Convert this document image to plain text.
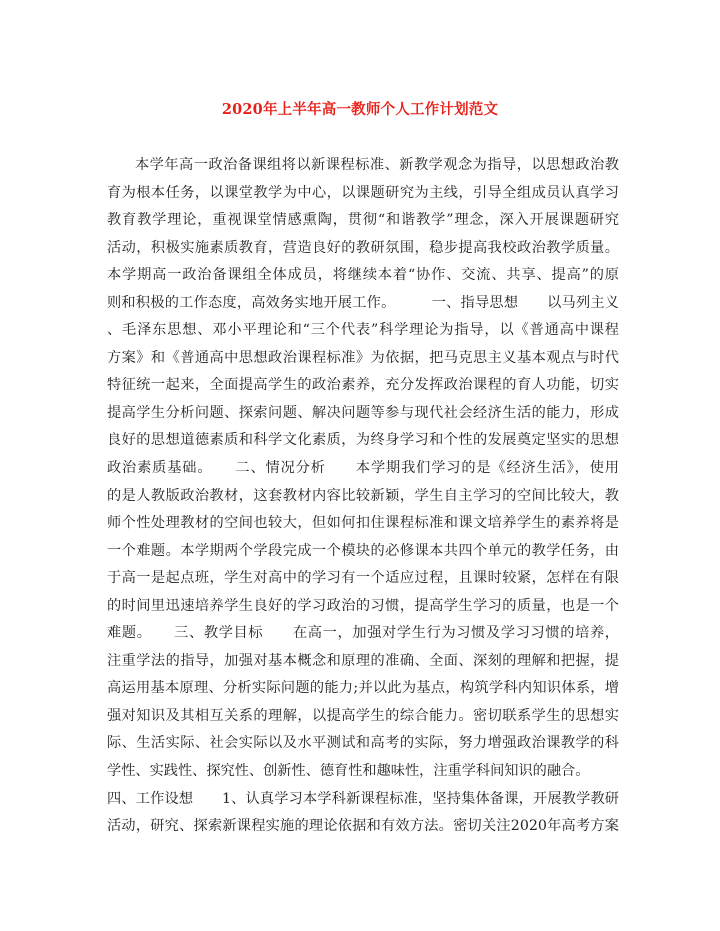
2020年上半年高一教师个人工作计划范文
本学年高一政治备课组将以新课程标准、新教学观念为指导，以思想政治教
育为根本任务，以课堂教学为中心，以课题研究为主线，引导全组成员认真学习
教育教学理论，重视课堂情感熏陶，贯彻“和谐教学”理念，深入开展课题研究
活动，积极实施素质教育，营造良好的教研氛围，稳步提高我校政治教学质量。
本学期高一政治备课组全体成员，将继续本着“协作、交流、共享、提高”的原
则和积极的工作态度，高效务实地开展工作。　　　一、指导思想　　以马列主义
、毛泽东思想、邓小平理论和“三个代表”科学理论为指导，以《普通高中课程
方案》和《普通高中思想政治课程标准》为依据，把马克思主义基本观点与时代
特征统一起来，全面提高学生的政治素养，充分发挥政治课程的育人功能，切实
提高学生分析问题、探索问题、解决问题等参与现代社会经济生活的能力，形成
良好的思想道德素质和科学文化素质，为终身学习和个性的发展奠定坚实的思想
政治素质基础。　　二、情况分析　　本学期我们学习的是《经济生活》，使用
的是人教版政治教材，这套教材内容比较新颖，学生自主学习的空间比较大，教
师个性处理教材的空间也较大，但如何扣住课程标准和课文培养学生的素养将是
一个难题。本学期两个学段完成一个模块的必修课本共四个单元的教学任务，由
于高一是起点班，学生对高中的学习有一个适应过程，且课时较紧，怎样在有限
的时间里迅速培养学生良好的学习政治的习惯，提高学生学习的质量，也是一个
难题。　　三、教学目标　　在高一，加强对学生行为习惯及学习习惯的培养，
注重学法的指导，加强对基本概念和原理的准确、全面、深刻的理解和把握，提
高运用基本原理、分析实际问题的能力;并以此为基点，构筑学科内知识体系，增
强对知识及其相互关系的理解，以提高学生的综合能力。密切联系学生的思想实
际、生活实际、社会实际以及水平测试和高考的实际，努力增强政治课教学的科
学性、实践性、探究性、创新性、德育性和趣味性，注重学科间知识的融合。
四、工作设想　　1、认真学习本学科新课程标准，坚持集体备课，开展教学教研
活动，研究、探索新课程实施的理论依据和有效方法。密切关注2020年高考方案
